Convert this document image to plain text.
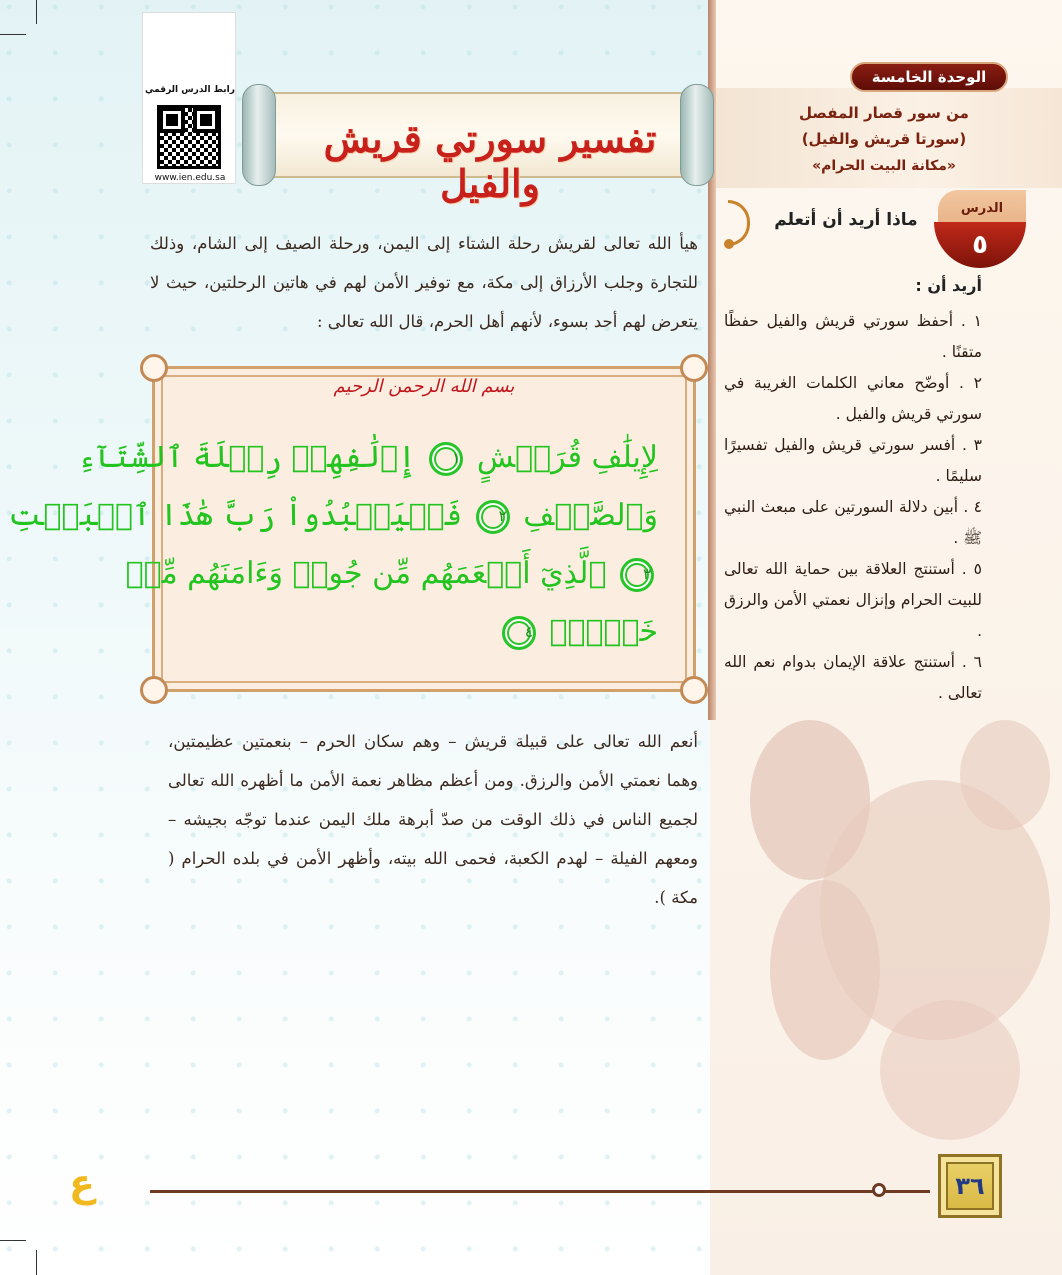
الوحدة الخامسة
من سور قصار المفصل
(سورتا قريش والفيل)
«مكانة البيت الحرام»
الدرس
٥
ماذا أريد أن أتعلم
أريد أن :
١ . أحفظ سورتي قريش والفيل حفظًا متقنًا .
٢ . أوضّح معاني الكلمات الغريبة في سورتي قريش والفيل .
٣ . أفسر سورتي قريش والفيل تفسيرًا سليمًا .
٤ . أبين دلالة السورتين على مبعث النبي ﷺ .
٥ . أستنتج العلاقة بين حماية الله تعالى للبيت الحرام وإنزال نعمتي الأمن والرزق .
٦ . أستنتج علاقة الإيمان بدوام نعم الله تعالى .
رابط الدرس الرقمي
www.ien.edu.sa
تفسير سورتي قريش والفيل

هيأ الله تعالى لقريش رحلة الشتاء إلى اليمن، ورحلة الصيف إلى الشام، وذلك للتجارة وجلب الأرزاق إلى مكة، مع توفير الأمن لهم في هاتين الرحلتين، حيث لا يتعرض لهم أحد بسوء، لأنهم أهل الحرم، قال الله تعالى :

بسم الله الرحمن الرحيم
لِإِيلَٰفِ قُرَيۡشٍ ١ إِۦلَٰفِهِمۡ رِحۡلَةَ ٱلشِّتَآءِ
وَٱلصَّيۡفِ ٢ فَلۡيَعۡبُدُواْ رَبَّ هَٰذَا ٱلۡبَيۡتِ
٣ ٱلَّذِيٓ أَطۡعَمَهُم مِّن جُوعٖ وَءَامَنَهُم مِّنۡ
خَوۡفِۭ ٤

أنعم الله تعالى على قبيلة قريش – وهم سكان الحرم – بنعمتين عظيمتين، وهما نعمتي الأمن والرزق. ومن أعظم مظاهر نعمة الأمن ما أظهره الله تعالى لجميع الناس في ذلك الوقت من صدّ أبرهة ملك اليمن عندما توجّه بجيشه – ومعهم الفيلة – لهدم الكعبة، فحمى الله بيته، وأظهر الأمن في بلده الحرام ( مكة ).

ع	٣٦
